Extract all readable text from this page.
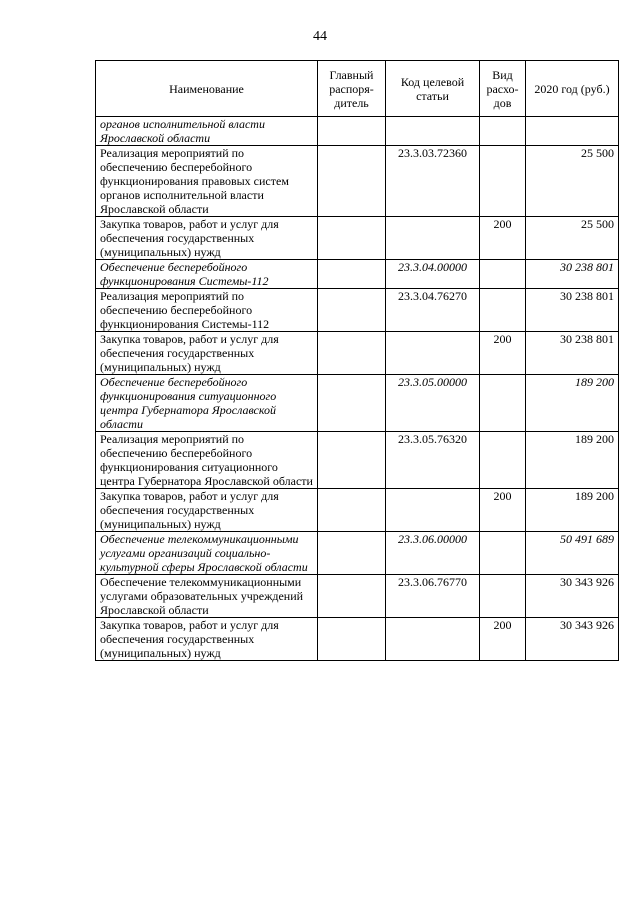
44
Наименование	Главный распоря-дитель	Код целевой статьи	Вид расхо-дов	2020 год (руб.)
органов исполнительной власти Ярославской области				
Реализация мероприятий по обеспечению бесперебойного функционирования правовых систем органов исполнительной власти Ярославской области		23.3.03.72360		25 500
Закупка товаров, работ и услуг для обеспечения государственных (муниципальных) нужд			200	25 500
Обеспечение бесперебойного функционирования Системы-112		23.3.04.00000		30 238 801
Реализация мероприятий по обеспечению бесперебойного функционирования Системы-112		23.3.04.76270		30 238 801
Закупка товаров, работ и услуг для обеспечения государственных (муниципальных) нужд			200	30 238 801
Обеспечение бесперебойного функционирования ситуационного центра Губернатора Ярославской области		23.3.05.00000		189 200
Реализация мероприятий по обеспечению бесперебойного функционирования ситуационного центра Губернатора Ярославской области		23.3.05.76320		189 200
Закупка товаров, работ и услуг для обеспечения государственных (муниципальных) нужд			200	189 200
Обеспечение телекоммуникационными услугами организаций социально-культурной сферы Ярославской области		23.3.06.00000		50 491 689
Обеспечение телекоммуникационными услугами образовательных учреждений Ярославской области		23.3.06.76770		30 343 926
Закупка товаров, работ и услуг для обеспечения государственных (муниципальных) нужд			200	30 343 926
